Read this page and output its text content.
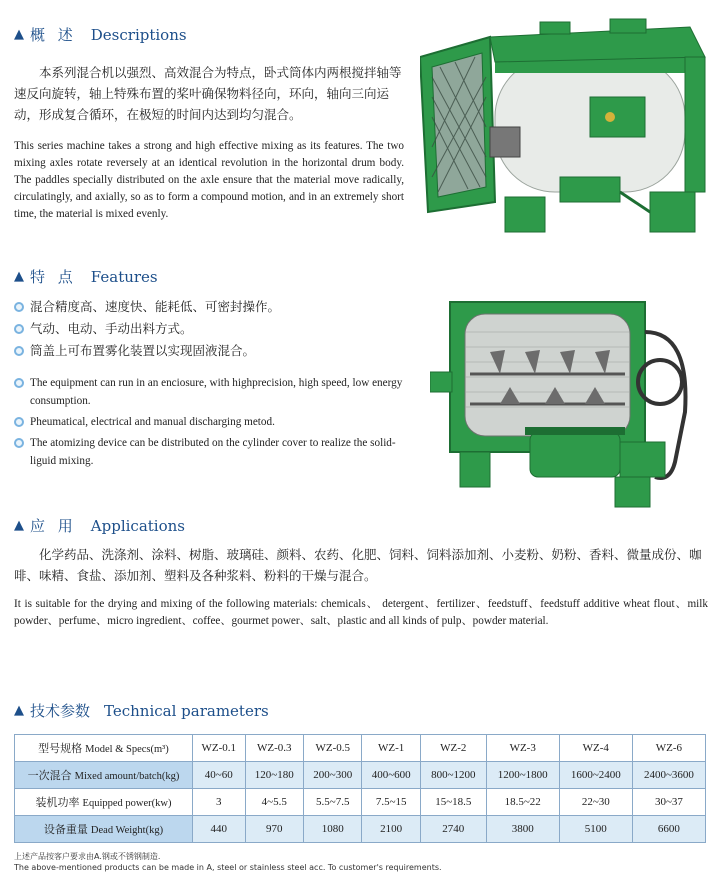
▲ 概 述 Descriptions

本系列混合机以强烈、高效混合为特点，卧式筒体内两根搅拌轴等速反向旋转，轴上特殊布置的桨叶确保物料径向，环向，轴向三向运动，形成复合循环，在极短的时间内达到均匀混合。

This series machine takes a strong and high effective mixing as its features. The two mixing axles rotate reversely at an identical revolution in the horizontal drum body. The paddles specially distributed on the axle ensure that the material move radically, circulatingly, and axially, so as to form a compound motion, and in an extremely short time, the material is mixed evenly.

▲ 特 点 Features
混合精度高、速度快、能耗低、可密封操作。
气动、电动、手动出料方式。
筒盖上可布置雾化装置以实现固液混合。
The equipment can run in an enciosure, with highprecision, high speed, low energy consumption.
Pheumatical, electrical and manual discharging metod.
The atomizing device can be distributed on the cylinder cover to realize the solid-liguid mixing.
▲ 应 用 Applications

化学药品、洗涤剂、涂料、树脂、玻璃硅、颜料、农药、化肥、饲料、饲料添加剂、小麦粉、奶粉、香料、微量成份、咖啡、味精、食盐、添加剂、塑料及各种浆料、粉料的干燥与混合。

It is suitable for the drying and mixing of the following materials: chemicals、 detergent、fertilizer、feedstuff、feedstuff additive wheat flout、milk powder、perfume、micro ingredient、coffee、gourmet power、salt、plastic and all kinds of pulp、powder material.

▲ 技术参数 Technical parameters
型号规格 Model & Specs(m³)	WZ-0.1	WZ-0.3	WZ-0.5	WZ-1	WZ-2	WZ-3	WZ-4	WZ-6
一次混合 Mixed amount/batch(kg)	40~60	120~180	200~300	400~600	800~1200	1200~1800	1600~2400	2400~3600
装机功率 Equipped power(kw)	3	4~5.5	5.5~7.5	7.5~15	15~18.5	18.5~22	22~30	30~37
设备重量 Dead Weight(kg)	440	970	1080	2100	2740	3800	5100	6600
上述产品按客户要求由A.钢或不锈钢制造.
The above-mentioned products can be made in A, steel or stainless steel acc. To customer's requirements.
